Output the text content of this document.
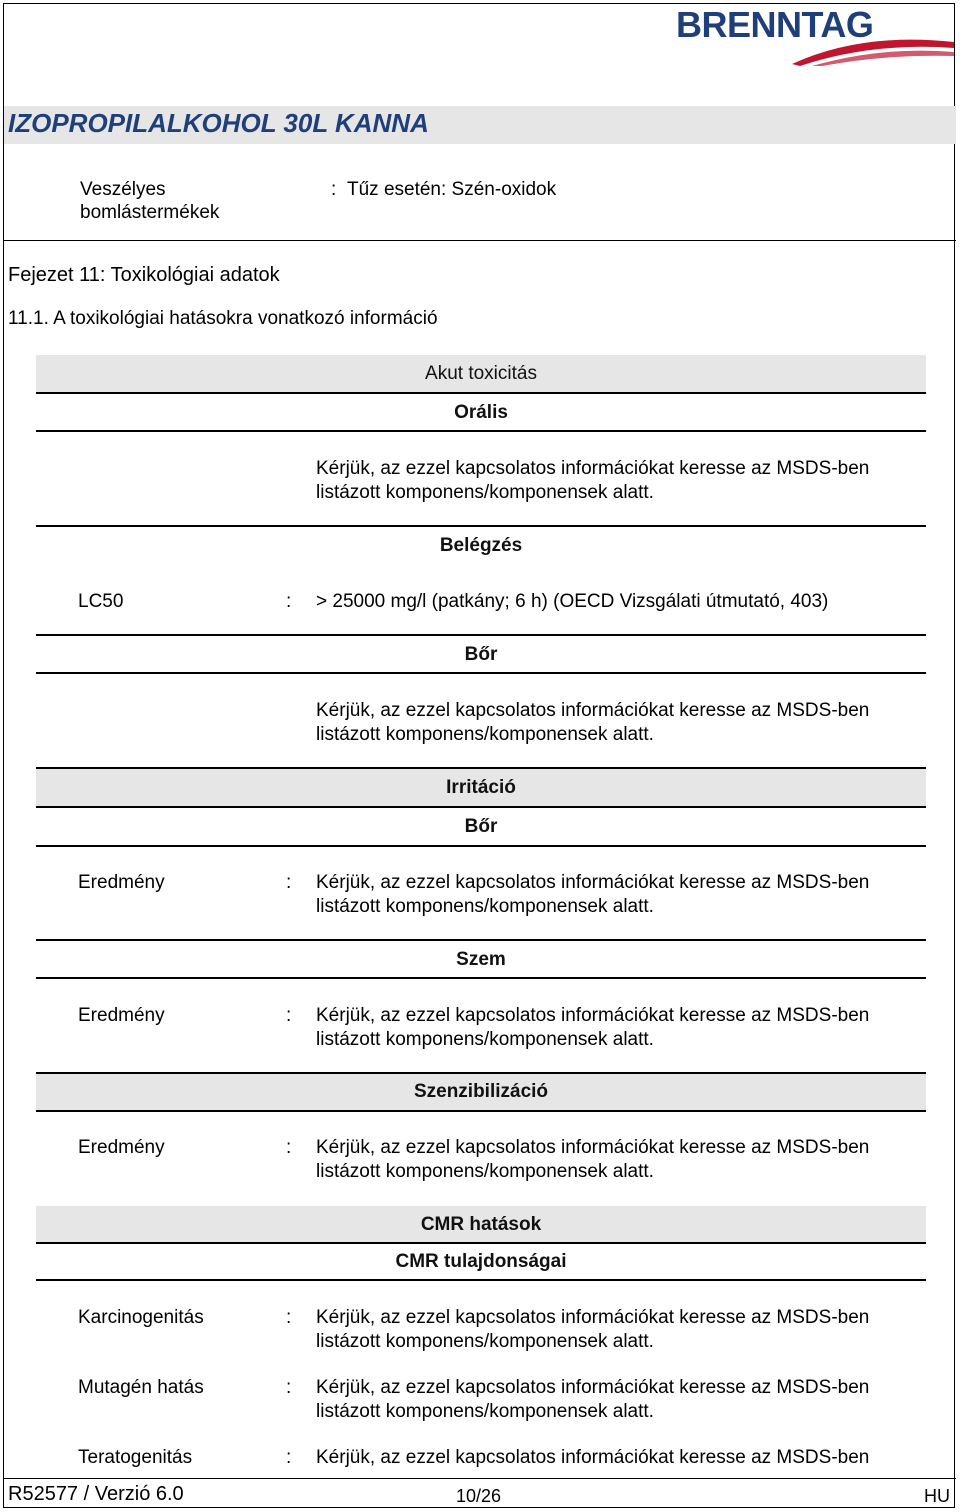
BRENNTAG
IZOPROPILALKOHOL 30L KANNA
Veszélyes
bomlástermékek
: Tűz esetén: Szén-oxidok
Fejezet 11: Toxikológiai adatok
11.1. A toxikológiai hatásokra vonatkozó információ
Akut toxicitás
Orális
Kérjük, az ezzel kapcsolatos információkat keresse az MSDS-ben
listázott komponens/komponensek alatt.
Belégzés
LC50	: > 25000 mg/l (patkány; 6 h) (OECD Vizsgálati útmutató, 403)
Bőr
Kérjük, az ezzel kapcsolatos információkat keresse az MSDS-ben
listázott komponens/komponensek alatt.
Irritáció
Bőr
Eredmény	: Kérjük, az ezzel kapcsolatos információkat keresse az MSDS-ben
listázott komponens/komponensek alatt.
Szem
Eredmény	: Kérjük, az ezzel kapcsolatos információkat keresse az MSDS-ben
listázott komponens/komponensek alatt.
Szenzibilizáció
Eredmény	: Kérjük, az ezzel kapcsolatos információkat keresse az MSDS-ben
listázott komponens/komponensek alatt.
CMR hatások
CMR tulajdonságai
Karcinogenitás	: Kérjük, az ezzel kapcsolatos információkat keresse az MSDS-ben
listázott komponens/komponensek alatt.
Mutagén hatás	: Kérjük, az ezzel kapcsolatos információkat keresse az MSDS-ben
listázott komponens/komponensek alatt.
Teratogenitás	: Kérjük, az ezzel kapcsolatos információkat keresse az MSDS-ben
R52577 / Verzió 6.0	10/26	HU
